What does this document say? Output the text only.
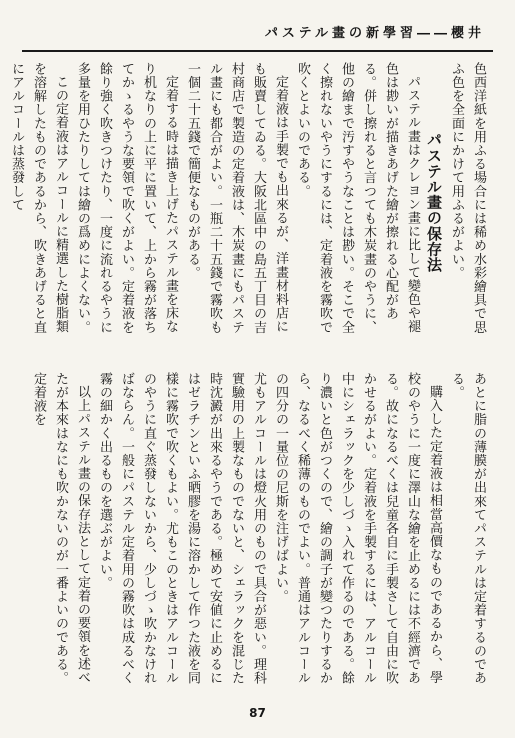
パステル畫の新學習――櫻井

色西洋紙を用ふる場合には稀め水彩繪具で思ふ色を全面にかけて用ふるがよい。

パステル畫の保存法

パステル畫はクレヨン畫に比して變色や褪色は尠いが描きあげた繪が擦れる心配がある。併し擦れると言つても木炭畫のやうに、他の繪まで汚すやうなことは尠い。そこで全く擦れないやうにするには、定着液を霧吹で吹くとよいのである。

定着液は手製でも出來るが、洋畫材料店にも販賣してゐる。大阪北區中の島五丁目の吉村商店で製造の定着液は、木炭畫にもパステル畫にも都合がよい。一瓶二十五錢で霧吹も一個二十五錢で簡便なものがある。

定着する時は描き上げたパステル畫を床なり机なりの上に平に置いて、上から霧が落ちてかゝるやうな要領で吹くがよい。定着液を餘り強く吹きつけたり、一度に流れるやうに多量を用ひたりしては繪の爲めによくない。

この定着液はアルコールに精選した樹脂類を溶解したものであるから、吹きあげると直にアルコールは蒸發して

あとに脂の薄膜が出來てパステルは定着するのである。

購入した定着液は相當高價なものであるから、學校のやうに一度に澤山な繪を止めるには不經濟である。故になるべくは兒童各自に手製さして自由に吹かせるがよい。定着液を手製するには、アルコール中にシェラックを少しづゝ入れて作るのである。餘り濃いと色がつくので、繪の調子が變つたりするから、なるべく稀薄のものでよい。普通はアルコールの四分の一量位の尼斯を注げばよい。

尤もアルコールは燈火用のもので具合が惡い。理科實驗用の上製なものでないと、シェラックを混じた時沈澱が出來るやうである。極めて安値に止めるにはゼラチンといふ晒膠を湯に溶かして作つた液を同樣に霧吹で吹くもよい。尤もこのときはアルコールのやうに直ぐ蒸發しないから、少しづゝ吹かなければならん。一般にパステル定着用の霧吹は成るべく霧の細かく出るものを選ぶがよい。

以上パステル畫の保存法として定着の要領を述べたが本來はなにも吹かないのが一番よいのである。定着液を

87
